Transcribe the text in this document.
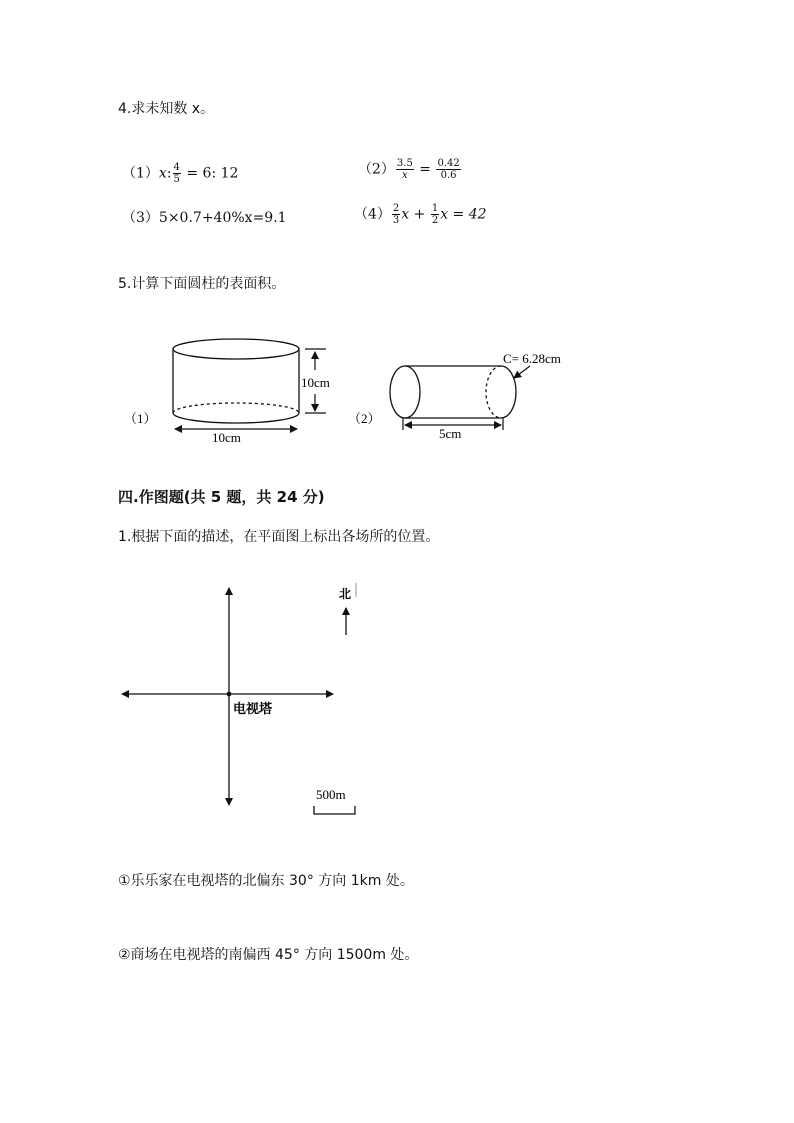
4.求未知数 x。
（1）x: $\frac{4}{5} = 6$: 12	$(2) \frac{3.5}{x} = \frac{0.42}{0.6}$
（3）5×0.7+40%x=9.1	$(4) \frac{2}{3}$ $x + \frac{1}{2}$ x = 42
5.计算下面圆柱的表面积。
10cm
10cm
（1）
C= 6.28cm
5cm
（2）
四.作图题(共 5 题，共 24 分)
1.根据下面的描述，在平面图上标出各场所的位置。
电视塔
北
500m
①乐乐家在电视塔的北偏东 30° 方向 1km 处。
②商场在电视塔的南偏西 45° 方向 1500m 处。
